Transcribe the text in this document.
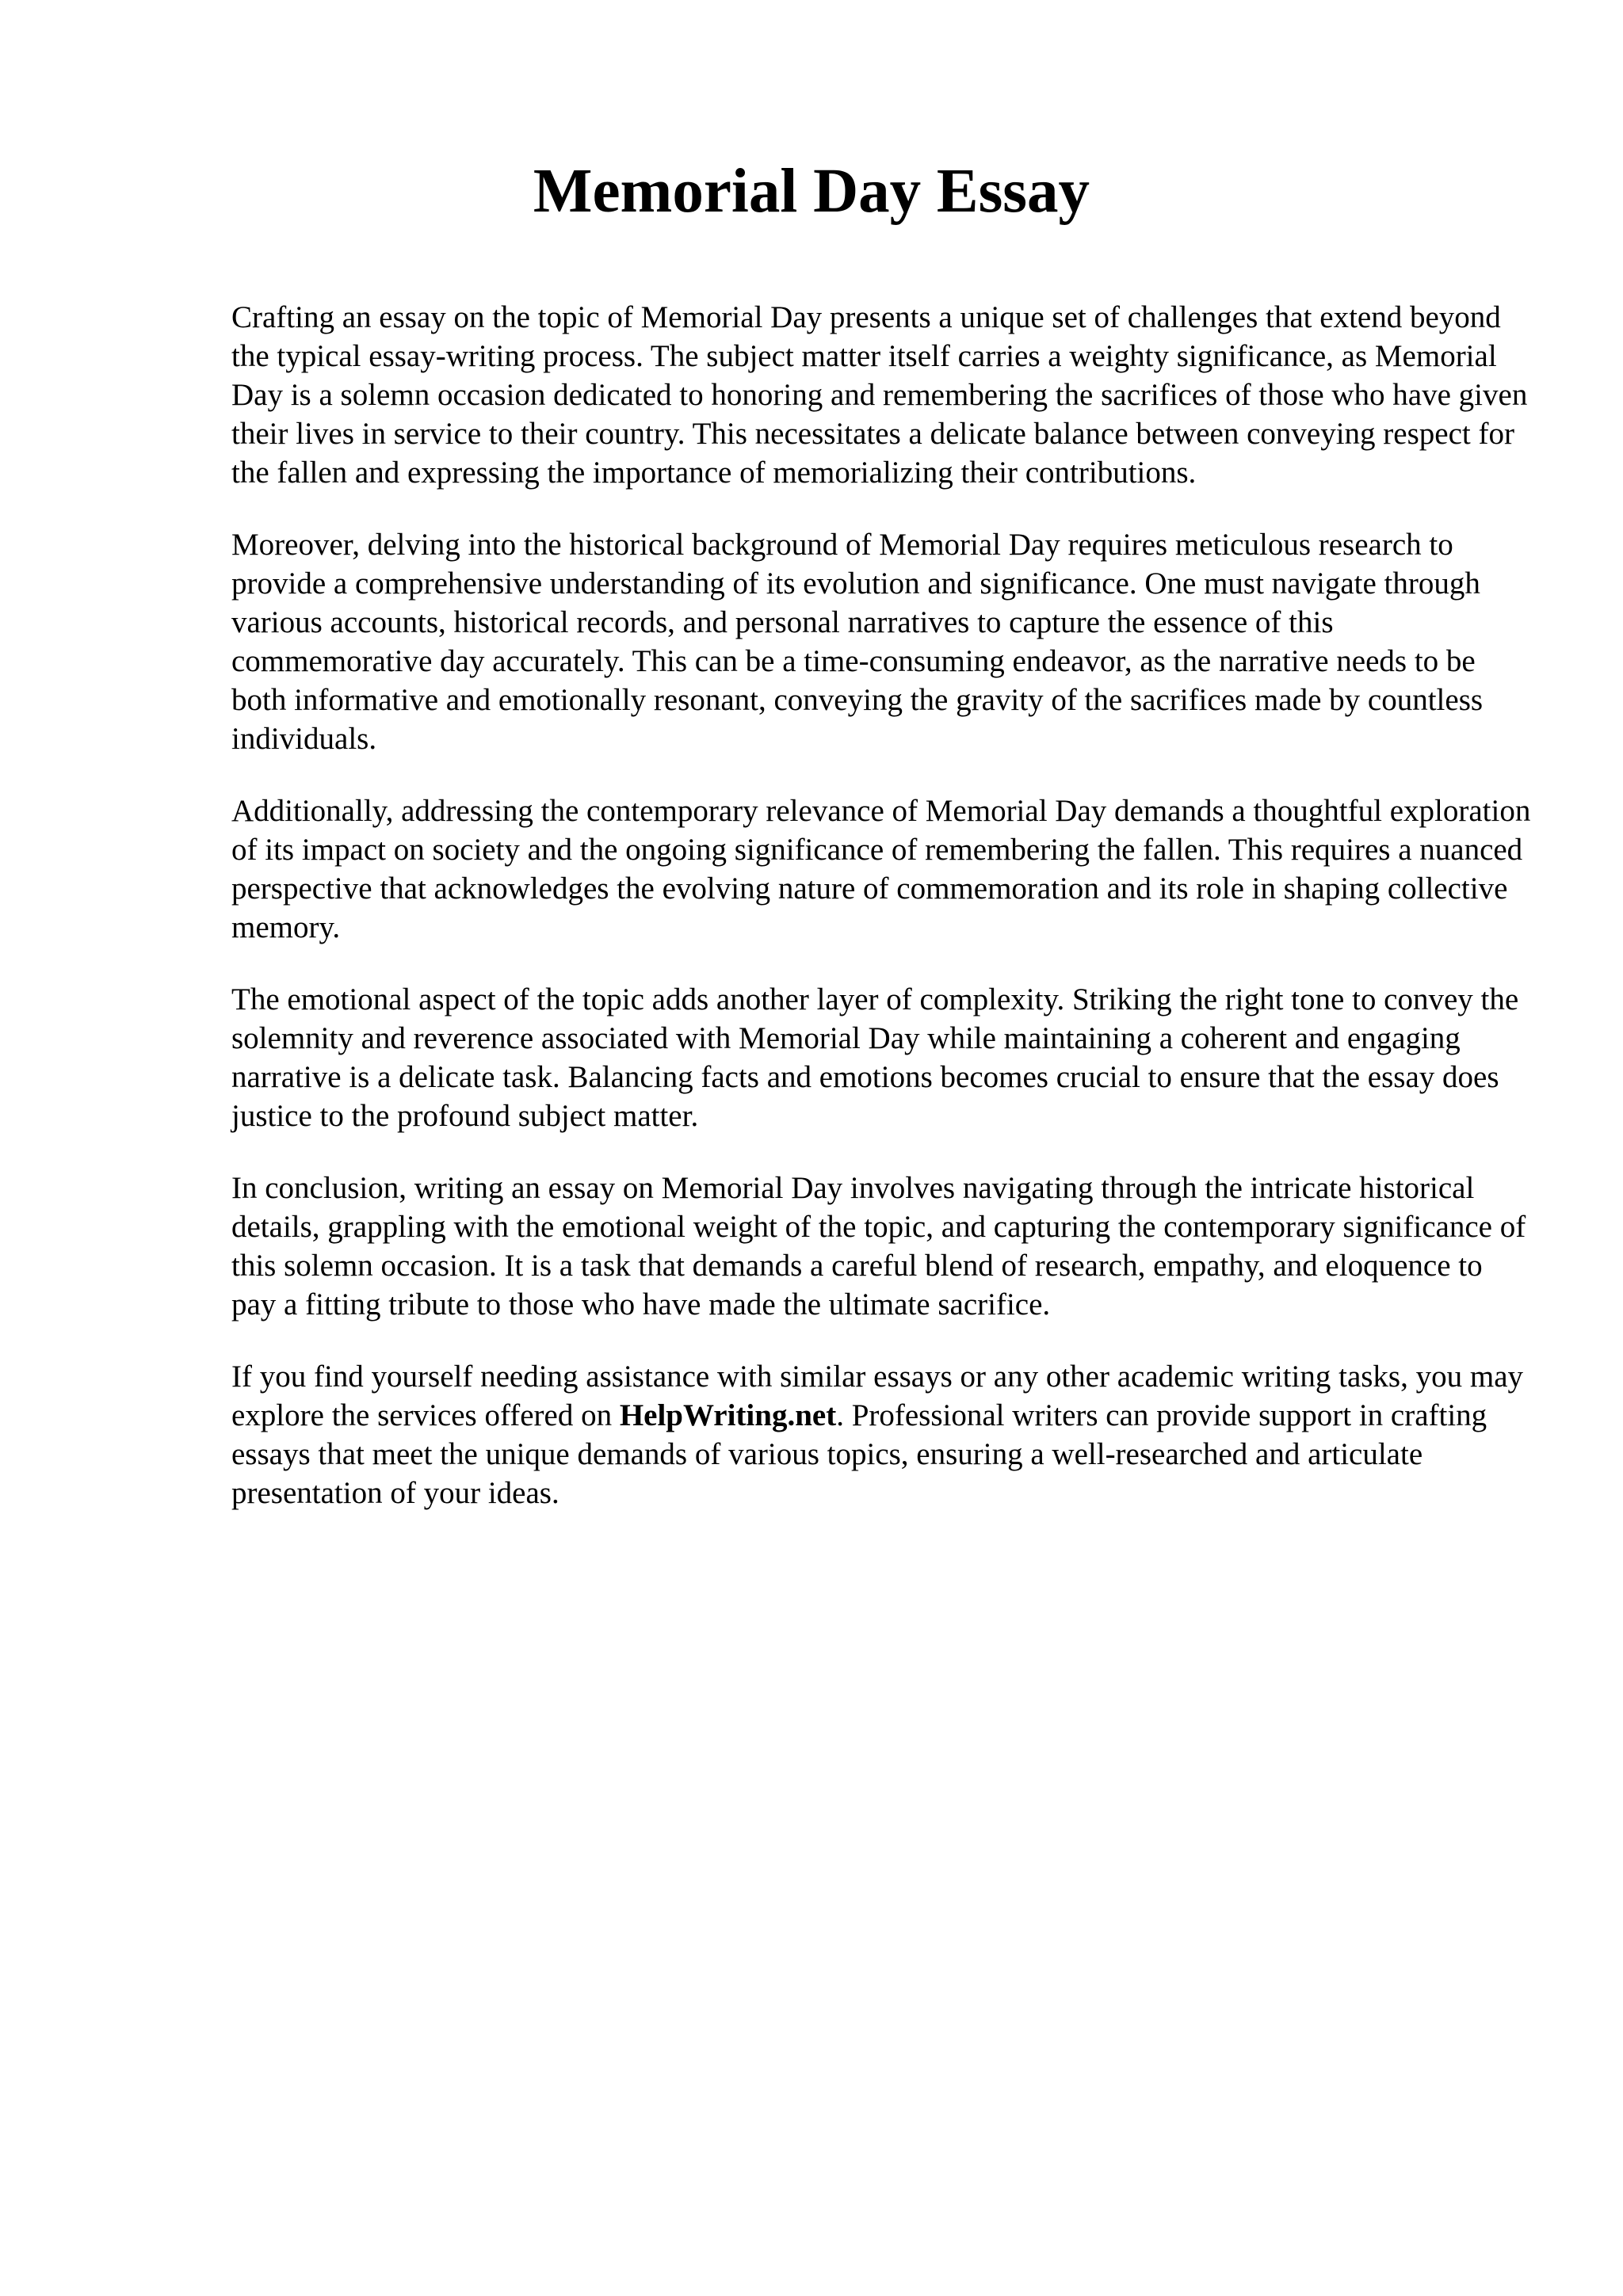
Memorial Day Essay

Crafting an essay on the topic of Memorial Day presents a unique set of challenges that extend beyond the typical essay-writing process. The subject matter itself carries a weighty significance, as Memorial Day is a solemn occasion dedicated to honoring and remembering the sacrifices of those who have given their lives in service to their country. This necessitates a delicate balance between conveying respect for the fallen and expressing the importance of memorializing their contributions.

Moreover, delving into the historical background of Memorial Day requires meticulous research to provide a comprehensive understanding of its evolution and significance. One must navigate through various accounts, historical records, and personal narratives to capture the essence of this commemorative day accurately. This can be a time-consuming endeavor, as the narrative needs to be both informative and emotionally resonant, conveying the gravity of the sacrifices made by countless individuals.

Additionally, addressing the contemporary relevance of Memorial Day demands a thoughtful exploration of its impact on society and the ongoing significance of remembering the fallen. This requires a nuanced perspective that acknowledges the evolving nature of commemoration and its role in shaping collective memory.

The emotional aspect of the topic adds another layer of complexity. Striking the right tone to convey the solemnity and reverence associated with Memorial Day while maintaining a coherent and engaging narrative is a delicate task. Balancing facts and emotions becomes crucial to ensure that the essay does justice to the profound subject matter.

In conclusion, writing an essay on Memorial Day involves navigating through the intricate historical details, grappling with the emotional weight of the topic, and capturing the contemporary significance of this solemn occasion. It is a task that demands a careful blend of research, empathy, and eloquence to pay a fitting tribute to those who have made the ultimate sacrifice.

If you find yourself needing assistance with similar essays or any other academic writing tasks, you may explore the services offered on HelpWriting.net. Professional writers can provide support in crafting essays that meet the unique demands of various topics, ensuring a well-researched and articulate presentation of your ideas.
